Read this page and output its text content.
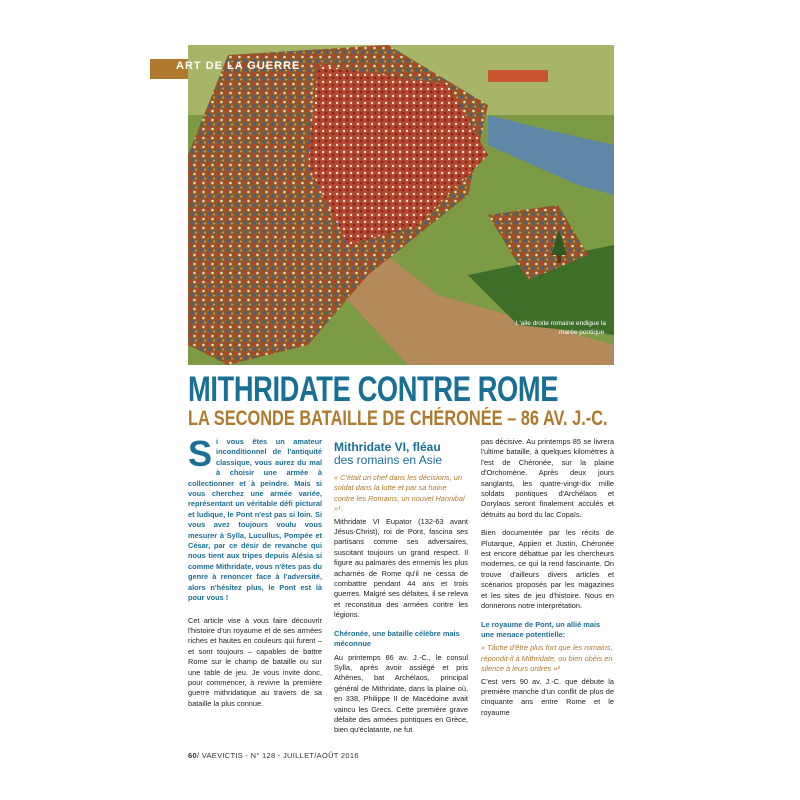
ART DE LA GUERRE
L'aile droite romaine endigue la marée pontique.
MITHRIDATE CONTRE ROME
LA SECONDE BATAILLE DE CHÉRONÉE – 86 AV. J.-C.

Si vous êtes un amateur inconditionnel de l'antiquité classique, vous aurez du mal à choisir une armée à collectionner et à peindre. Mais si vous cherchez une armée variée, représentant un véritable défi pictural et ludique, le Pont n'est pas si loin. Si vous avez toujours voulu vous mesurer à Sylla, Lucullus, Pompée et César, par ce désir de revanche qui nous tient aux tripes depuis Alésia si comme Mithridate, vous n'êtes pas du genre à renoncer face à l'adversité, alors n'hésitez plus, le Pont est là pour vous !

Cet article vise à vous faire découvrir l'histoire d'un royaume et de ses armées riches et hautes en couleurs qui furent – et sont toujours – capables de battre Rome sur le champ de bataille ou sur une table de jeu. Je vous invite donc, pour commencer, à revivre la première guerre mithridatique au travers de sa bataille la plus connue.

Mithridate VI, fléau
des romains en Asie

« C'était un chef dans les décisions, un soldat dans la lutte et par sa haine contre les Romains, un nouvel Hannibal »¹.

Mithridate VI Eupator (132-63 avant Jésus-Christ), roi de Pont, fascina ses partisans comme ses adversaires, suscitant toujours un grand respect. Il figure au palmarès des ennemis les plus acharnés de Rome qu'il ne cessa de combattre pendant 44 ans et trois guerres. Malgré ses défaites, il se releva et reconstitua des armées contre les légions.

Chéronée, une bataille célèbre mais méconnue

Au printemps 86 av. J.-C., le consul Sylla, après avoir assiégé et pris Athènes, bat Archélaos, principal général de Mithridate, dans la plaine où, en 338, Philippe II de Macédoine avait vaincu les Grecs. Cette première grave défaite des armées pontiques en Grèce, bien qu'éclatante, ne fut

pas décisive. Au printemps 85 se livrera l'ultime bataille, à quelques kilomètres à l'est de Chéronée, sur la plaine d'Orchomène. Après deux jours sanglants, les quatre-vingt-dix mille soldats pontiques d'Archélaos et Dorylaos seront finalement acculés et détruits au bord du lac Copaïs.

Bien documentée par les récits de Plutarque, Appien et Justin, Chéronée est encore débattue par les chercheurs modernes, ce qui la rend fascinante. On trouve d'ailleurs divers articles et scénarios proposés par les magazines et les sites de jeu d'histoire. Nous en donnerons notre interprétation.

Le royaume de Pont, un allié mais une menace potentielle:

« Tâche d'être plus fort que les romains, répondit-il à Mithridate, ou bien obéis en silence à leurs ordres »²

C'est vers 90 av. J.-C. que débute la première manche d'un conflit de plus de cinquante ans entre Rome et le royaume

60/ VAEVICTIS - N° 128 - JUILLET/AOÛT 2016
